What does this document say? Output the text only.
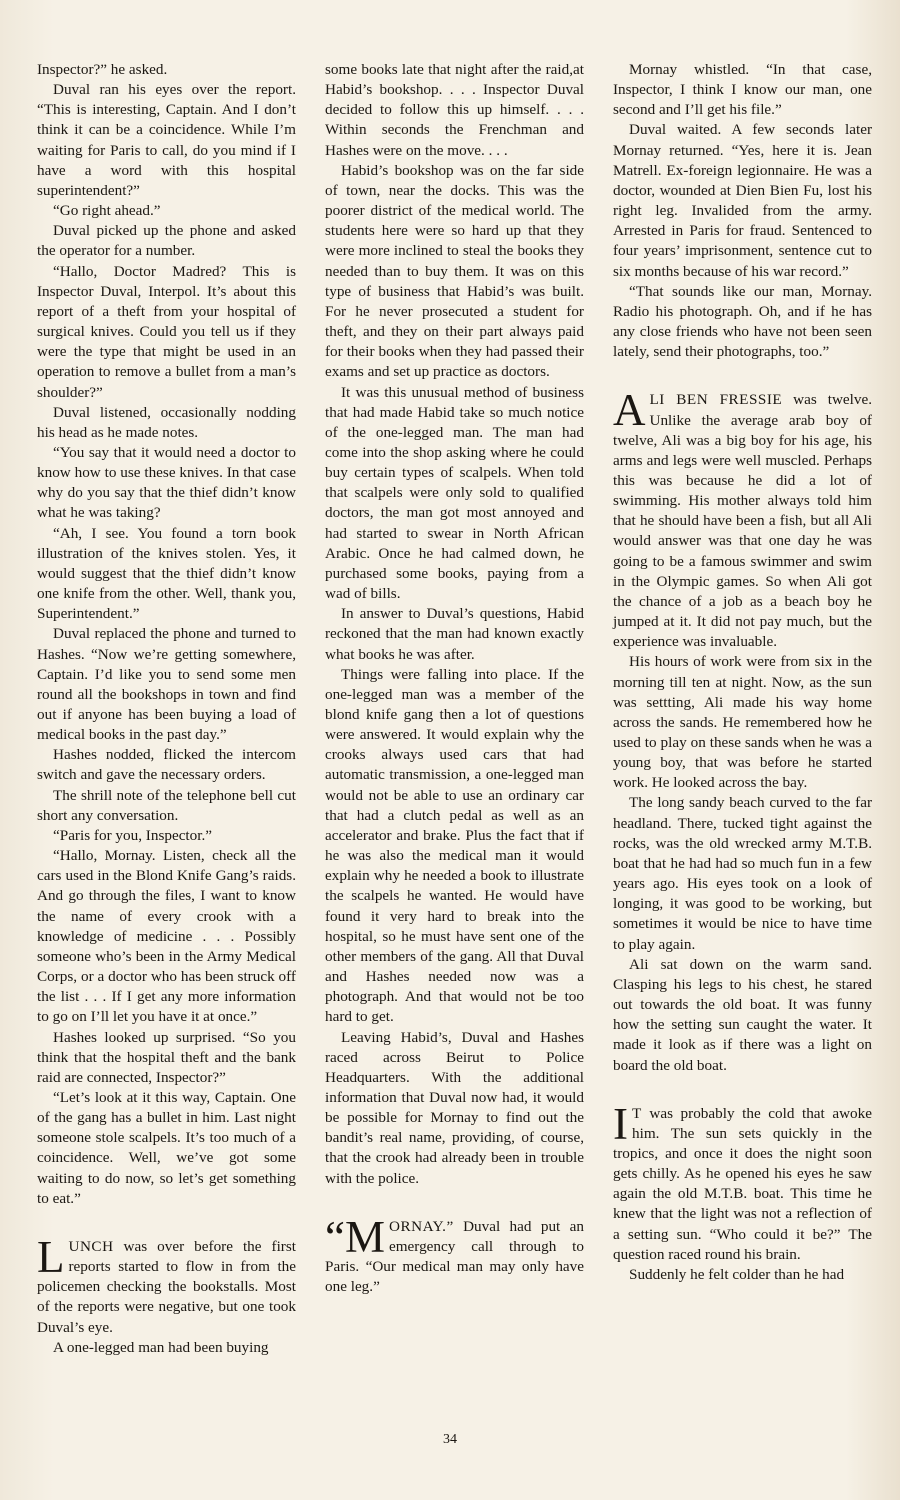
Inspector?” he asked.

Duval ran his eyes over the report. “This is interesting, Captain. And I don’t think it can be a coincidence. While I’m waiting for Paris to call, do you mind if I have a word with this hospital superintendent?”

“Go right ahead.”

Duval picked up the phone and asked the operator for a number.

“Hallo, Doctor Madred? This is Inspector Duval, Interpol. It’s about this report of a theft from your hospital of surgical knives. Could you tell us if they were the type that might be used in an operation to remove a bullet from a man’s shoulder?”

Duval listened, occasionally nodding his head as he made notes.

“You say that it would need a doctor to know how to use these knives. In that case why do you say that the thief didn’t know what he was taking?

“Ah, I see. You found a torn book illustration of the knives stolen. Yes, it would suggest that the thief didn’t know one knife from the other. Well, thank you, Superintendent.”

Duval replaced the phone and turned to Hashes. “Now we’re getting somewhere, Captain. I’d like you to send some men round all the bookshops in town and find out if anyone has been buying a load of medical books in the past day.”

Hashes nodded, flicked the intercom switch and gave the necessary orders.

The shrill note of the telephone bell cut short any conversation.

“Paris for you, Inspector.”

“Hallo, Mornay. Listen, check all the cars used in the Blond Knife Gang’s raids. And go through the files, I want to know the name of every crook with a knowledge of medicine . . . Possibly someone who’s been in the Army Medical Corps, or a doctor who has been struck off the list . . . If I get any more information to go on I’ll let you have it at once.”

Hashes looked up surprised. “So you think that the hospital theft and the bank raid are connected, Inspector?”

“Let’s look at it this way, Captain. One of the gang has a bullet in him. Last night someone stole scalpels. It’s too much of a coincidence. Well, we’ve got some waiting to do now, so let’s get something to eat.”

LUNCH was over before the first reports started to flow in from the policemen checking the bookstalls. Most of the reports were negative, but one took Duval’s eye.

A one-legged man had been buying

some books late that night after the raid,at Habid’s bookshop. . . . Inspector Duval decided to follow this up himself. . . . Within seconds the Frenchman and Hashes were on the move. . . .

Habid’s bookshop was on the far side of town, near the docks. This was the poorer district of the medical world. The students here were so hard up that they were more inclined to steal the books they needed than to buy them. It was on this type of business that Habid’s was built. For he never prosecuted a student for theft, and they on their part always paid for their books when they had passed their exams and set up practice as doctors.

It was this unusual method of business that had made Habid take so much notice of the one-legged man. The man had come into the shop asking where he could buy certain types of scalpels. When told that scalpels were only sold to qualified doctors, the man got most annoyed and had started to swear in North African Arabic. Once he had calmed down, he purchased some books, paying from a wad of bills.

In answer to Duval’s questions, Habid reckoned that the man had known exactly what books he was after.

Things were falling into place. If the one-legged man was a member of the blond knife gang then a lot of questions were answered. It would explain why the crooks always used cars that had automatic transmission, a one-legged man would not be able to use an ordinary car that had a clutch pedal as well as an accelerator and brake. Plus the fact that if he was also the medical man it would explain why he needed a book to illustrate the scalpels he wanted. He would have found it very hard to break into the hospital, so he must have sent one of the other members of the gang. All that Duval and Hashes needed now was a photograph. And that would not be too hard to get.

Leaving Habid’s, Duval and Hashes raced across Beirut to Police Headquarters. With the additional information that Duval now had, it would be possible for Mornay to find out the bandit’s real name, providing, of course, that the crook had already been in trouble with the police.

“MORNAY.” Duval had put an emergency call through to Paris. “Our medical man may only have one leg.”

Mornay whistled. “In that case, Inspector, I think I know our man, one second and I’ll get his file.”

Duval waited. A few seconds later Mornay returned. “Yes, here it is. Jean Matrell. Ex-foreign legionnaire. He was a doctor, wounded at Dien Bien Fu, lost his right leg. Invalided from the army. Arrested in Paris for fraud. Sentenced to four years’ imprisonment, sentence cut to six months because of his war record.”

“That sounds like our man, Mornay. Radio his photograph. Oh, and if he has any close friends who have not been seen lately, send their photographs, too.”

ALI BEN FRESSIE was twelve. Unlike the average arab boy of twelve, Ali was a big boy for his age, his arms and legs were well muscled. Perhaps this was because he did a lot of swimming. His mother always told him that he should have been a fish, but all Ali would answer was that one day he was going to be a famous swimmer and swim in the Olympic games. So when Ali got the chance of a job as a beach boy he jumped at it. It did not pay much, but the experience was invaluable.

His hours of work were from six in the morning till ten at night. Now, as the sun was settting, Ali made his way home across the sands. He remembered how he used to play on these sands when he was a young boy, that was before he started work. He looked across the bay.

The long sandy beach curved to the far headland. There, tucked tight against the rocks, was the old wrecked army M.T.B. boat that he had had so much fun in a few years ago. His eyes took on a look of longing, it was good to be working, but sometimes it would be nice to have time to play again.

Ali sat down on the warm sand. Clasping his legs to his chest, he stared out towards the old boat. It was funny how the setting sun caught the water. It made it look as if there was a light on board the old boat.

I T was probably the cold that awoke him. The sun sets quickly in the tropics, and once it does the night soon gets chilly. As he opened his eyes he saw again the old M.T.B. boat. This time he knew that the light was not a reflection of a setting sun. “Who could it be?” The question raced round his brain.

Suddenly he felt colder than he had

34
